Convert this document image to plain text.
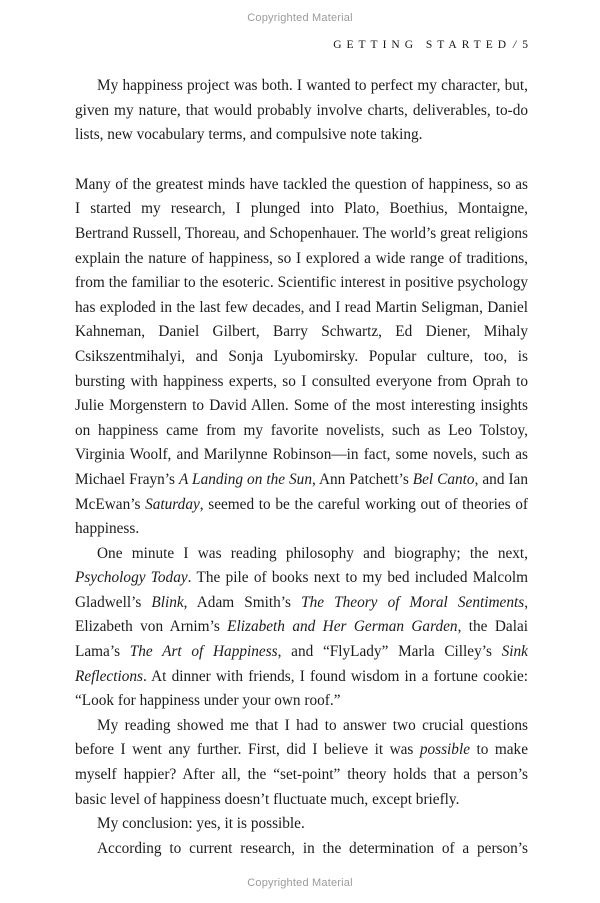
Copyrighted Material
GETTING STARTED / 5

My happiness project was both. I wanted to perfect my character, but, given my nature, that would probably involve charts, deliverables, to-do lists, new vocabulary terms, and compulsive note taking.

Many of the greatest minds have tackled the question of happiness, so as I started my research, I plunged into Plato, Boethius, Montaigne, Bertrand Russell, Thoreau, and Schopenhauer. The world’s great religions explain the nature of happiness, so I explored a wide range of traditions, from the familiar to the esoteric. Scientific interest in positive psychology has exploded in the last few decades, and I read Martin Seligman, Daniel Kahneman, Daniel Gilbert, Barry Schwartz, Ed Diener, Mihaly Csikszentmihalyi, and Sonja Lyubomirsky. Popular culture, too, is bursting with happiness experts, so I consulted everyone from Oprah to Julie Morgenstern to David Allen. Some of the most interesting insights on happiness came from my favorite novelists, such as Leo Tolstoy, Virginia Woolf, and Marilynne Robinson—in fact, some novels, such as Michael Frayn’s A Landing on the Sun, Ann Patchett’s Bel Canto, and Ian McEwan’s Saturday, seemed to be the careful working out of theories of happiness.

One minute I was reading philosophy and biography; the next, Psychology Today. The pile of books next to my bed included Malcolm Gladwell’s Blink, Adam Smith’s The Theory of Moral Sentiments, Elizabeth von Arnim’s Elizabeth and Her German Garden, the Dalai Lama’s The Art of Happiness, and “FlyLady” Marla Cilley’s Sink Reflections. At dinner with friends, I found wisdom in a fortune cookie: “Look for happiness under your own roof.”

My reading showed me that I had to answer two crucial questions before I went any further. First, did I believe it was possible to make myself happier? After all, the “set-point” theory holds that a person’s basic level of happiness doesn’t fluctuate much, except briefly.

My conclusion: yes, it is possible.

According to current research, in the determination of a person’s

Copyrighted Material
